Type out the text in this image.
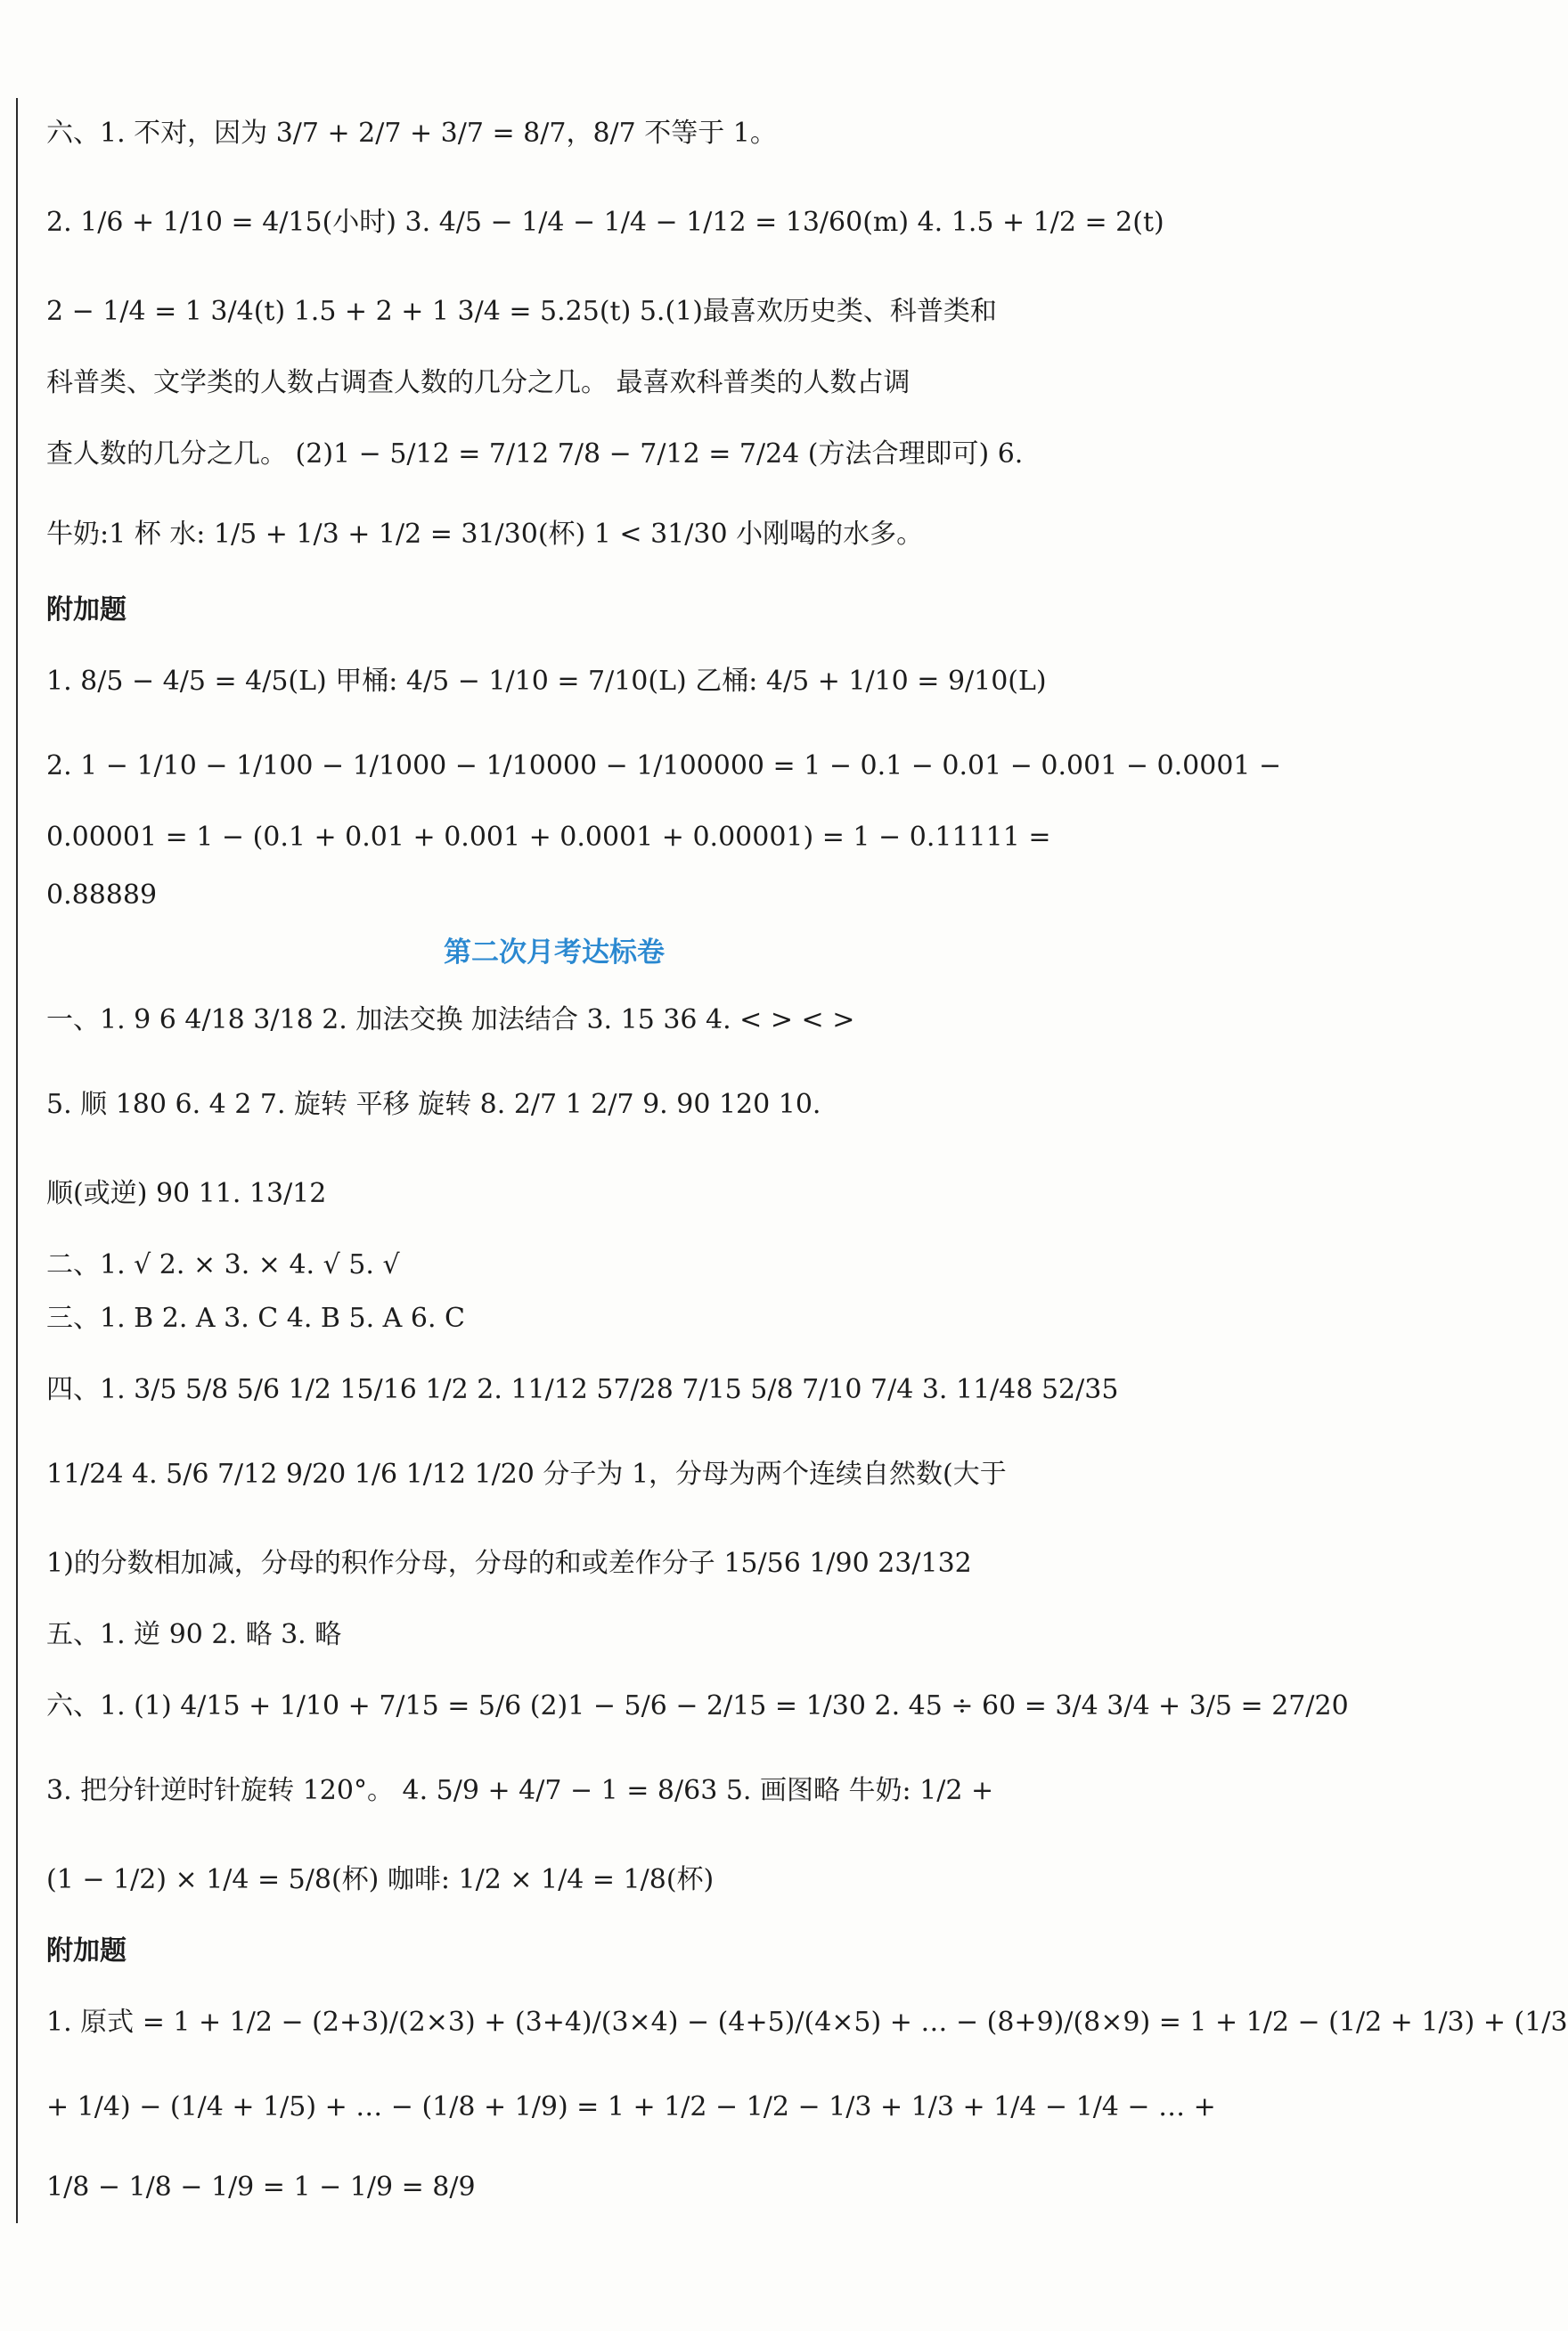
六、1. 不对，因为 3/7 + 2/7 + 3/7 = 8/7，8/7 不等于 1。
2. 1/6 + 1/10 = 4/15(小时) 3. 4/5 − 1/4 − 1/4 − 1/12 = 13/60(m) 4. 1.5 + 1/2 = 2(t)
2 − 1/4 = 1 3/4(t) 1.5 + 2 + 1 3/4 = 5.25(t) 5.(1)最喜欢历史类、科普类和
科普类、文学类的人数占调查人数的几分之几。 最喜欢科普类的人数占调
查人数的几分之几。 (2)1 − 5/12 = 7/12 7/8 − 7/12 = 7/24 (方法合理即可) 6.
牛奶:1 杯 水: 1/5 + 1/3 + 1/2 = 31/30(杯) 1 < 31/30 小刚喝的水多。
附加题
1. 8/5 − 4/5 = 4/5(L) 甲桶: 4/5 − 1/10 = 7/10(L) 乙桶: 4/5 + 1/10 = 9/10(L)
2. 1 − 1/10 − 1/100 − 1/1000 − 1/10000 − 1/100000 = 1 − 0.1 − 0.01 − 0.001 − 0.0001 −
0.00001 = 1 − (0.1 + 0.01 + 0.001 + 0.0001 + 0.00001) = 1 − 0.11111 =
0.88889
第二次月考达标卷
一、1. 9 6 4/18 3/18 2. 加法交换 加法结合 3. 15 36 4. < > < >
5. 顺 180 6. 4 2 7. 旋转 平移 旋转 8. 2/7 1 2/7 9. 90 120 10.
顺(或逆) 90 11. 13/12
二、1. √ 2. × 3. × 4. √ 5. √
三、1. B 2. A 3. C 4. B 5. A 6. C
四、1. 3/5 5/8 5/6 1/2 15/16 1/2 2. 11/12 57/28 7/15 5/8 7/10 7/4 3. 11/48 52/35
11/24 4. 5/6 7/12 9/20 1/6 1/12 1/20 分子为 1，分母为两个连续自然数(大于
1)的分数相加减，分母的积作分母，分母的和或差作分子 15/56 1/90 23/132
五、1. 逆 90 2. 略 3. 略
六、1. (1) 4/15 + 1/10 + 7/15 = 5/6 (2)1 − 5/6 − 2/15 = 1/30 2. 45 ÷ 60 = 3/4 3/4 + 3/5 = 27/20
3. 把分针逆时针旋转 120°。 4. 5/9 + 4/7 − 1 = 8/63 5. 画图略 牛奶: 1/2 +
(1 − 1/2) × 1/4 = 5/8(杯) 咖啡: 1/2 × 1/4 = 1/8(杯)
附加题
1. 原式 = 1 + 1/2 − (2+3)/(2×3) + (3+4)/(3×4) − (4+5)/(4×5) + … − (8+9)/(8×9) = 1 + 1/2 − (1/2 + 1/3) + (1/3
+ 1/4) − (1/4 + 1/5) + … − (1/8 + 1/9) = 1 + 1/2 − 1/2 − 1/3 + 1/3 + 1/4 − 1/4 − … +
1/8 − 1/8 − 1/9 = 1 − 1/9 = 8/9
